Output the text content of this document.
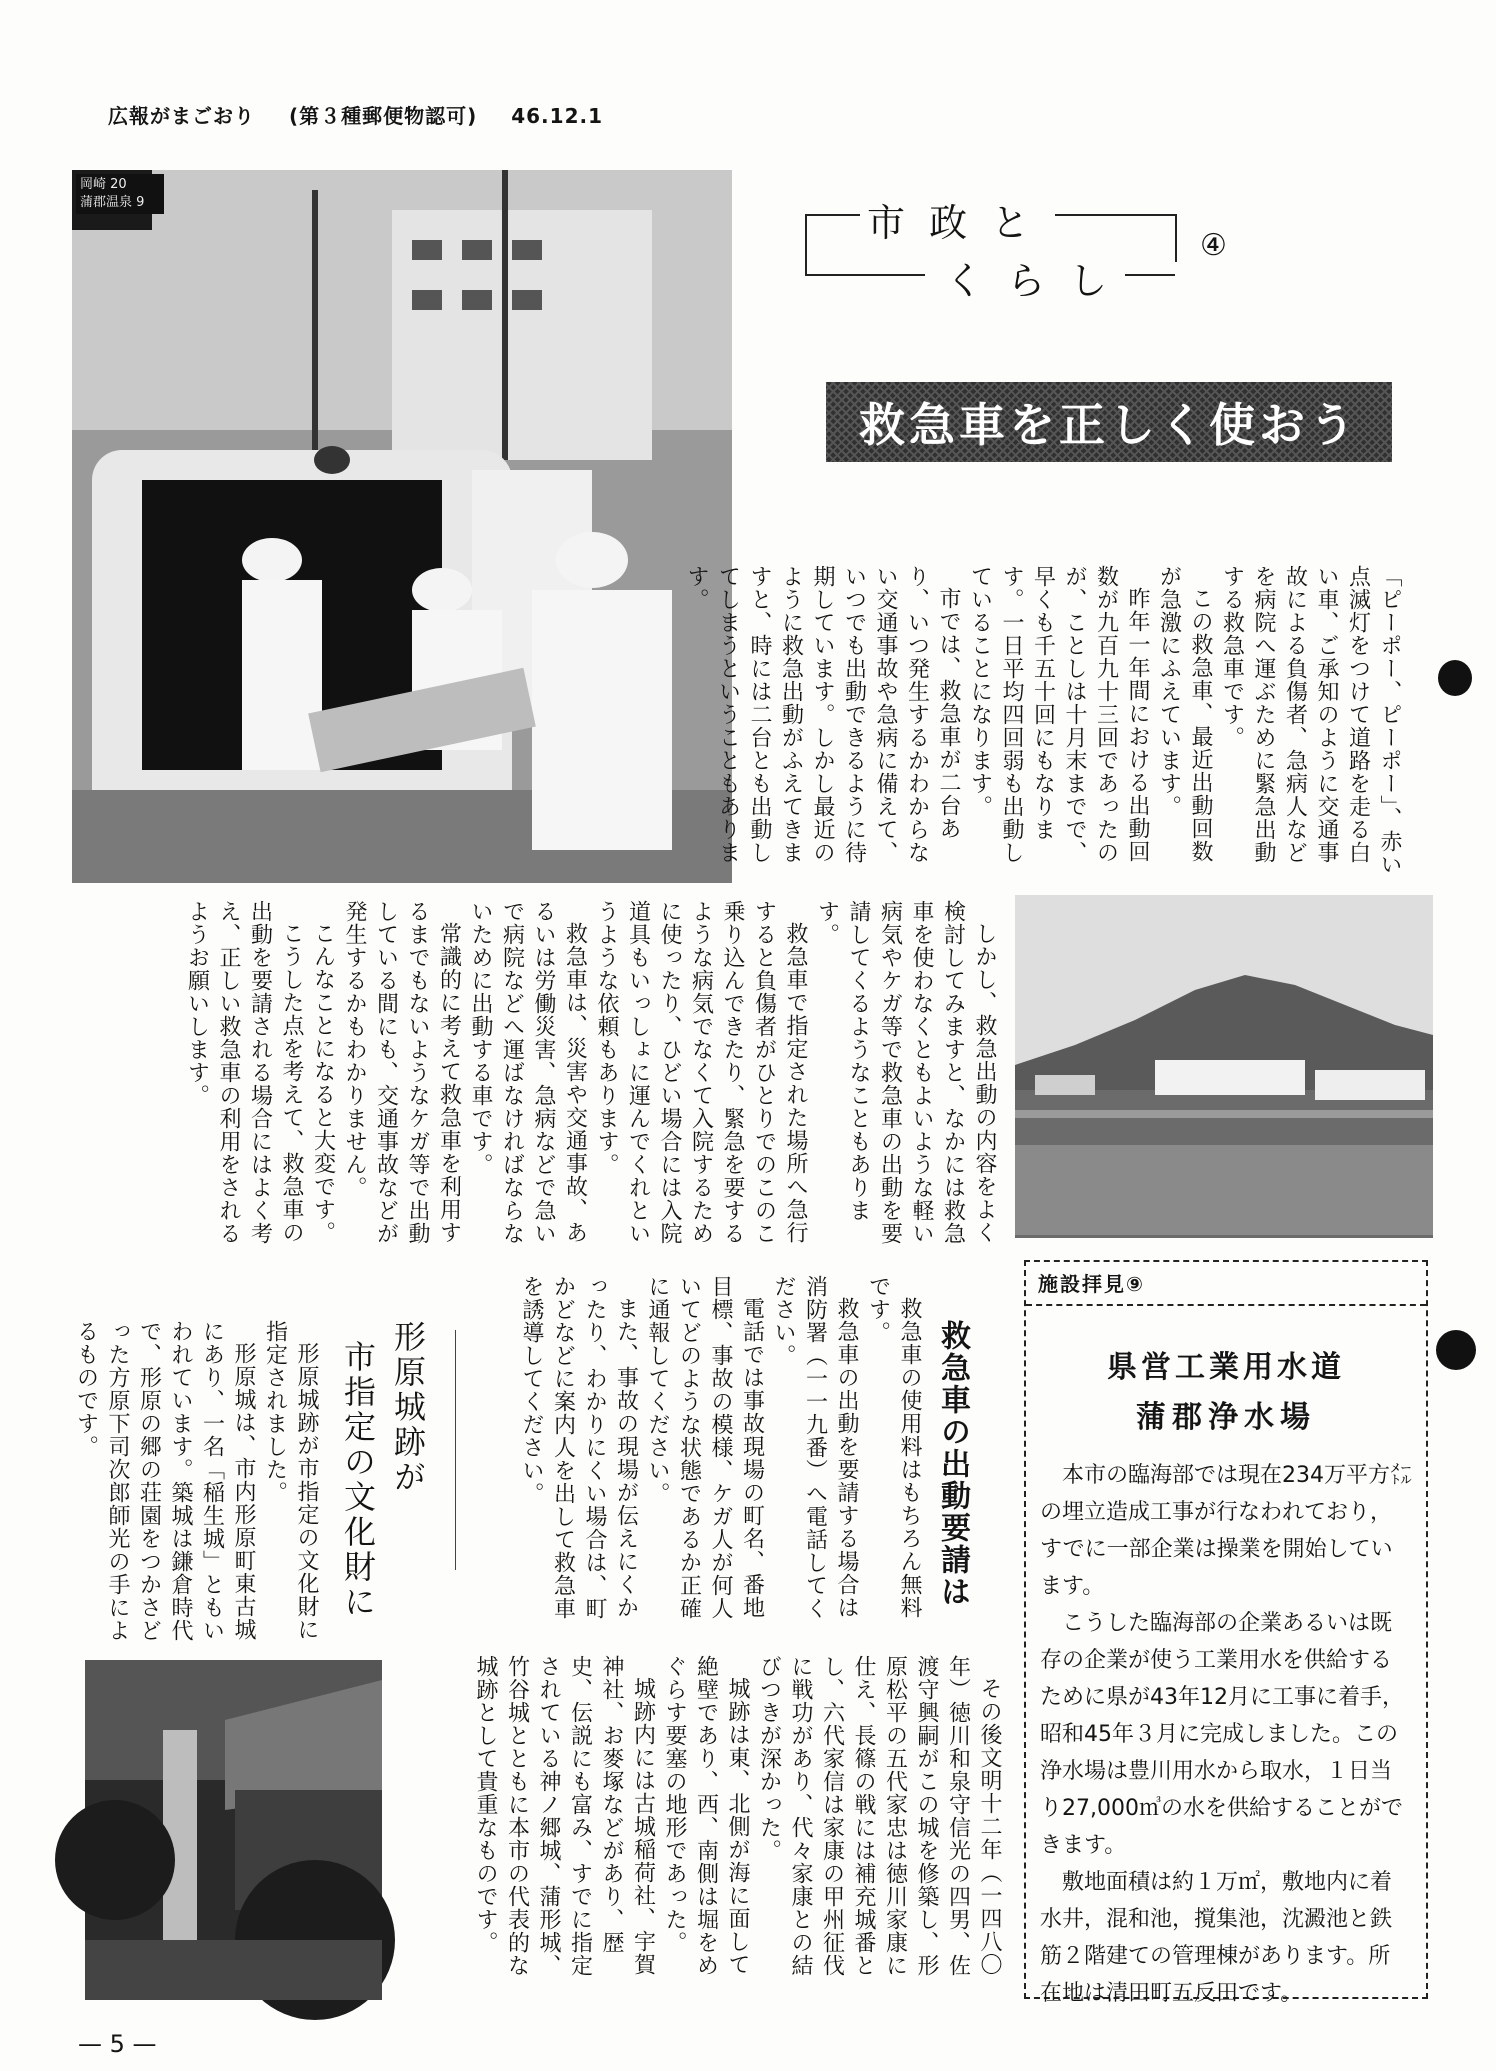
広報がまごおり (第３種郵便物認可) 46.12.1
岡崎 20
蒲郡温泉 9	市 政 と
く ら し
④
救急車を正しく使おう

「ピーポー、ピーポー」、赤い点滅灯をつけて道路を走る白い車、ご承知のように交通事故による負傷者、急病人などを病院へ運ぶために緊急出動する救急車です。

この救急車、最近出動回数が急激にふえています。

昨年一年間における出動回数が九百九十三回であったのが、ことしは十月末までで、早くも千五十回にもなります。一日平均四回弱も出動していることになります。

市では、救急車が二台あり、いつ発生するかわからない交通事故や急病に備えて、いつでも出動できるように待期しています。しかし最近のように救急出動がふえてきますと、時には二台とも出動してしまうということもあります。

しかし、救急出動の内容をよく検討してみますと、なかには救急車を使わなくともよいような軽い病気やケガ等で救急車の出動を要請してくるようなこともあります。

救急車で指定された場所へ急行すると負傷者がひとりでのこのこ乗り込んできたり、緊急を要するような病気でなくて入院するために使ったり、ひどい場合には入院道具もいっしょに運んでくれというような依頼もあります。

救急車は、災害や交通事故、あるいは労働災害、急病などで急いで病院などへ運ばなければならないために出動する車です。

常識的に考えて救急車を利用するまでもないようなケガ等で出動している間にも、交通事故などが発生するかもわかりません。

こんなことになると大変です。

こうした点を考えて、救急車の出動を要請される場合にはよく考え、正しい救急車の利用をされるようお願いします。

救急車の出動要請は

救急車の使用料はもちろん無料です。

救急車の出動を要請する場合は消防署（一一九番）へ電話してください。

電話では事故現場の町名、番地目標、事故の模様、ケガ人が何人いてどのような状態であるか正確に通報してください。

また、事故の現場が伝えにくかったり、わかりにくい場合は、町かどなどに案内人を出して救急車を誘導してください。

形原城跡が
市指定の文化財に

形原城跡が市指定の文化財に指定されました。

形原城は、市内形原町東古城にあり、一名「稲生城」ともいわれています。築城は鎌倉時代で、形原の郷の荘園をつかさどった方原下司次郎師光の手によるものです。

その後文明十二年（一四八〇年）徳川和泉守信光の四男、佐渡守興嗣がこの城を修築し、形原松平の五代家忠は徳川家康に仕え、長篠の戦には補充城番とし、六代家信は家康の甲州征伐に戦功があり、代々家康との結びつきが深かった。

城跡は東、北側が海に面して絶壁であり、西、南側は堀をめぐらす要塞の地形であった。

城跡内には古城稲荷社、宇賀神社、お麥塚などがあり、歴史、伝説にも富み、すでに指定されている神ノ郷城、蒲形城、竹谷城とともに本市の代表的な城跡として貴重なものです。

施設拝見⑨
県営工業用水道
蒲郡浄水場

本市の臨海部では現在234万平方㍍の埋立造成工事が行なわれており，すでに一部企業は操業を開始しています。

こうした臨海部の企業あるいは既存の企業が使う工業用水を供給するために県が43年12月に工事に着手，昭和45年３月に完成しました。この浄水場は豊川用水から取水，１日当り27,000㎥の水を供給することができます。

敷地面積は約１万㎡，敷地内に着水井，混和池，撹集池，沈澱池と鉄筋２階建ての管理棟があります。所在地は清田町五反田です。

— 5 —
